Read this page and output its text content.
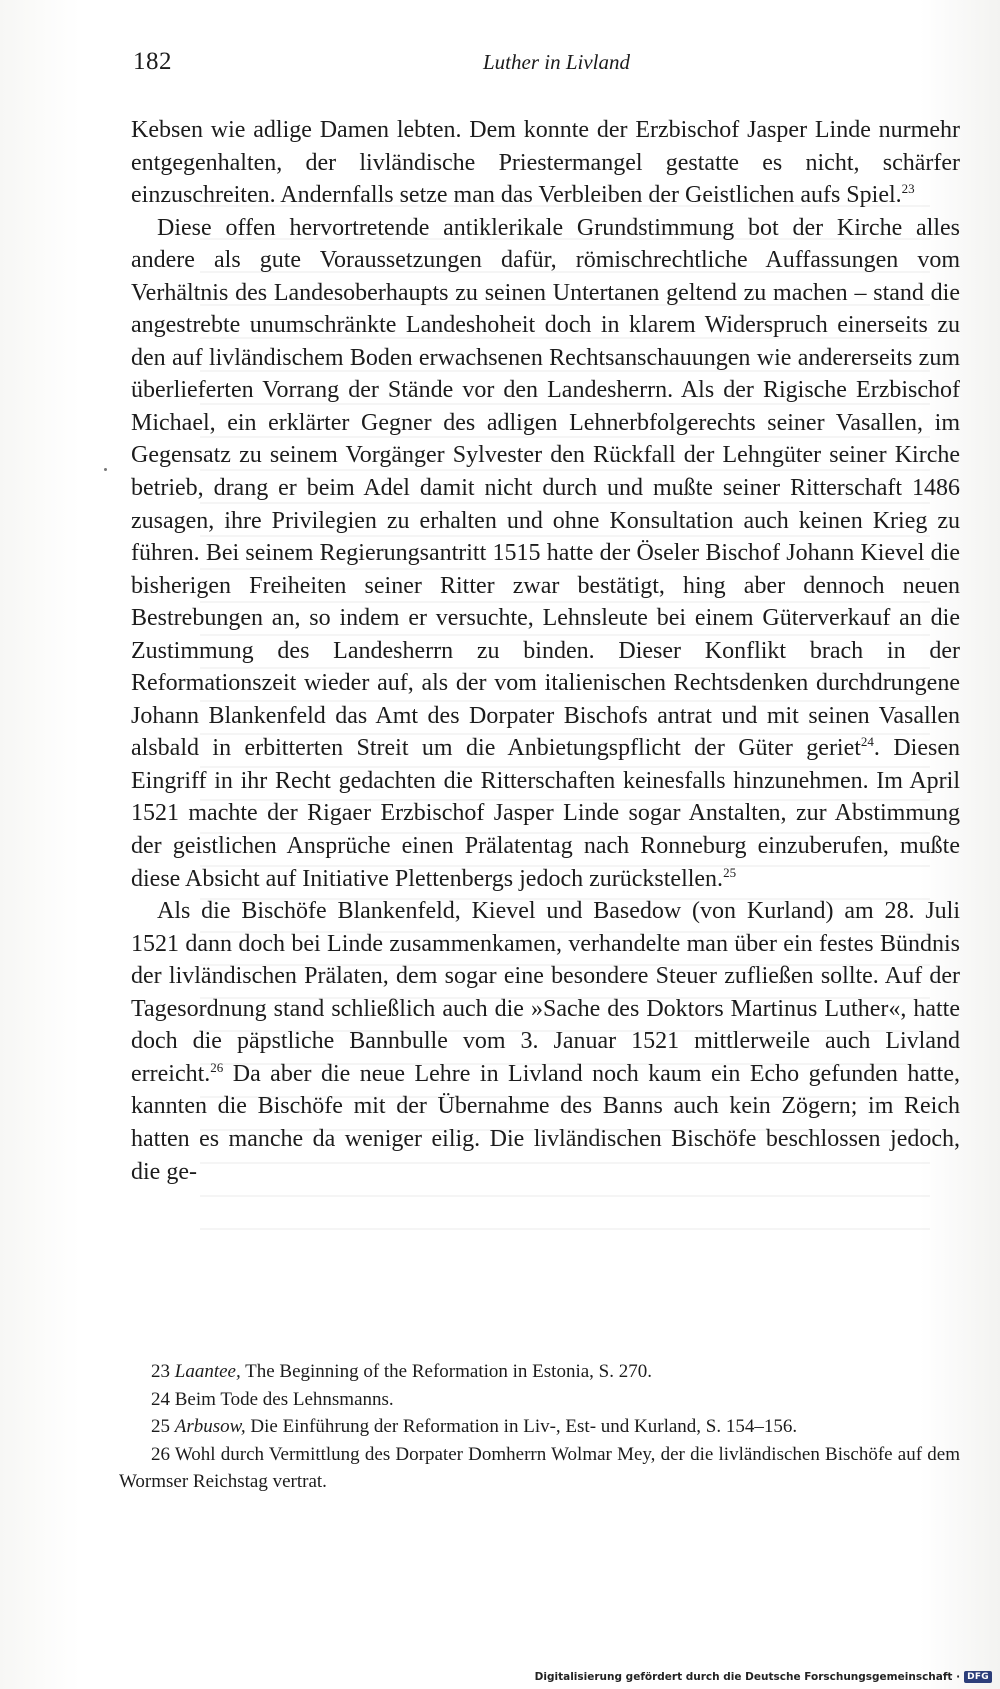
182	Luther in Livland

Kebsen wie adlige Damen lebten. Dem konnte der Erzbischof Jasper Linde nurmehr entgegenhalten, der livländische Priestermangel gestatte es nicht, schärfer einzuschreiten. Andernfalls setze man das Verbleiben der Geistlichen aufs Spiel.$^{23}$

Diese offen hervortretende antiklerikale Grundstimmung bot der Kirche alles andere als gute Voraussetzungen dafür, römischrechtliche Auffassungen vom Verhältnis des Landesoberhaupts zu seinen Untertanen geltend zu machen – stand die angestrebte unumschränkte Landeshoheit doch in klarem Widerspruch einerseits zu den auf livländischem Boden erwachsenen Rechtsanschauungen wie andererseits zum überlieferten Vorrang der Stände vor den Landesherrn. Als der Rigische Erzbischof Michael, ein erklärter Gegner des adligen Lehnerbfolgerechts seiner Vasallen, im Gegensatz zu seinem Vorgänger Sylvester den Rückfall der Lehngüter seiner Kirche betrieb, drang er beim Adel damit nicht durch und mußte seiner Ritterschaft 1486 zusagen, ihre Privilegien zu erhalten und ohne Konsultation auch keinen Krieg zu führen. Bei seinem Regierungsantritt 1515 hatte der Öseler Bischof Johann Kievel die bisherigen Freiheiten seiner Ritter zwar bestätigt, hing aber dennoch neuen Bestrebungen an, so indem er versuchte, Lehnsleute bei einem Güterverkauf an die Zustimmung des Landesherrn zu binden. Dieser Konflikt brach in der Reformationszeit wieder auf, als der vom italienischen Rechtsdenken durchdrungene Johann Blankenfeld das Amt des Dorpater Bischofs antrat und mit seinen Vasallen alsbald in erbitterten Streit um die Anbietungspflicht der Güter geriet$^{24}$. Diesen Eingriff in ihr Recht gedachten die Ritterschaften keinesfalls hinzunehmen. Im April 1521 machte der Rigaer Erzbischof Jasper Linde sogar Anstalten, zur Abstimmung der geistlichen Ansprüche einen Prälatentag nach Ronneburg einzuberufen, mußte diese Absicht auf Initiative Plettenbergs jedoch zurückstellen.$^{25}$

Als die Bischöfe Blankenfeld, Kievel und Basedow (von Kurland) am 28. Juli 1521 dann doch bei Linde zusammenkamen, verhandelte man über ein festes Bündnis der livländischen Prälaten, dem sogar eine besondere Steuer zufließen sollte. Auf der Tagesordnung stand schließlich auch die »Sache des Doktors Martinus Luther«, hatte doch die päpstliche Bannbulle vom 3. Januar 1521 mittlerweile auch Livland erreicht.$^{26}$ Da aber die neue Lehre in Livland noch kaum ein Echo gefunden hatte, kannten die Bischöfe mit der Übernahme des Banns auch kein Zögern; im Reich hatten es manche da weniger eilig. Die livländischen Bischöfe beschlossen jedoch, die ge-

23 Laantee, The Beginning of the Reformation in Estonia, S. 270.

24 Beim Tode des Lehnsmanns.

25 Arbusow, Die Einführung der Reformation in Liv-, Est- und Kurland, S. 154–156.

26 Wohl durch Vermittlung des Dorpater Domherrn Wolmar Mey, der die livländischen Bischöfe auf dem Wormser Reichstag vertrat.

Digitalisierung gefördert durch die Deutsche Forschungsgemeinschaft · DFG
